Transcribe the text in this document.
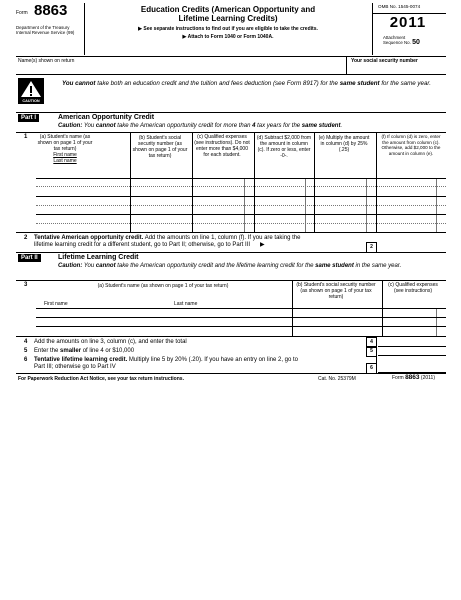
Form 8863
Department of the Treasury
Internal Revenue Service (99)
Education Credits (American Opportunity and
Lifetime Learning Credits)
▶ See separate instructions to find out if you are eligible to take the credits.
▶ Attach to Form 1040 or Form 1040A.
OMB No. 1545-0074
2011
Attachment
Sequence No. 50
Name(s) shown on return	Your social security number
CAUTION
You cannot take both an education credit and the tuition and fees deduction (see Form 8917) for the same student for the same year.
Part I	American Opportunity Credit
Caution: You cannot take the American opportunity credit for more than 4 tax years for the same student.
1	(a) Student's name (as shown on page 1 of your tax return)
First name
Last name
(b) Student's social security number (as shown on page 1 of your tax return)
(c) Qualified expenses (see instructions). Do not enter more than $4,000 for each student.
(d) Subtract $2,000 from the amount in column (c). If zero or less, enter -0-.
(e) Multiply the amount in column (d) by 25% (.25)
(f) If column (d) is zero, enter the amount from column (c). Otherwise, add $2,000 to the amount in column (e).
2 Tentative American opportunity credit. Add the amounts on line 1, column (f). If you are taking the
lifetime learning credit for a different student, go to Part II; otherwise, go to Part III ▶	2
Part II	Lifetime Learning Credit
Caution: You cannot take the American opportunity credit and the lifetime learning credit for the same student in the same year.
3	(a) Student's name (as shown on page 1 of your tax return)
First name	Last name
(b) Student's social security number (as shown on page 1 of your tax return)
(c) Qualified expenses (see instructions)
4 Add the amounts on line 3, column (c), and enter the total	4
5 Enter the smaller of line 4 or $10,000	5
6 Tentative lifetime learning credit. Multiply line 5 by 20% (.20). If you have an entry on line 2, go to
Part III; otherwise go to Part IV	6
For Paperwork Reduction Act Notice, see your tax return instructions.	Cat. No. 25379M	Form 8863 (2011)
